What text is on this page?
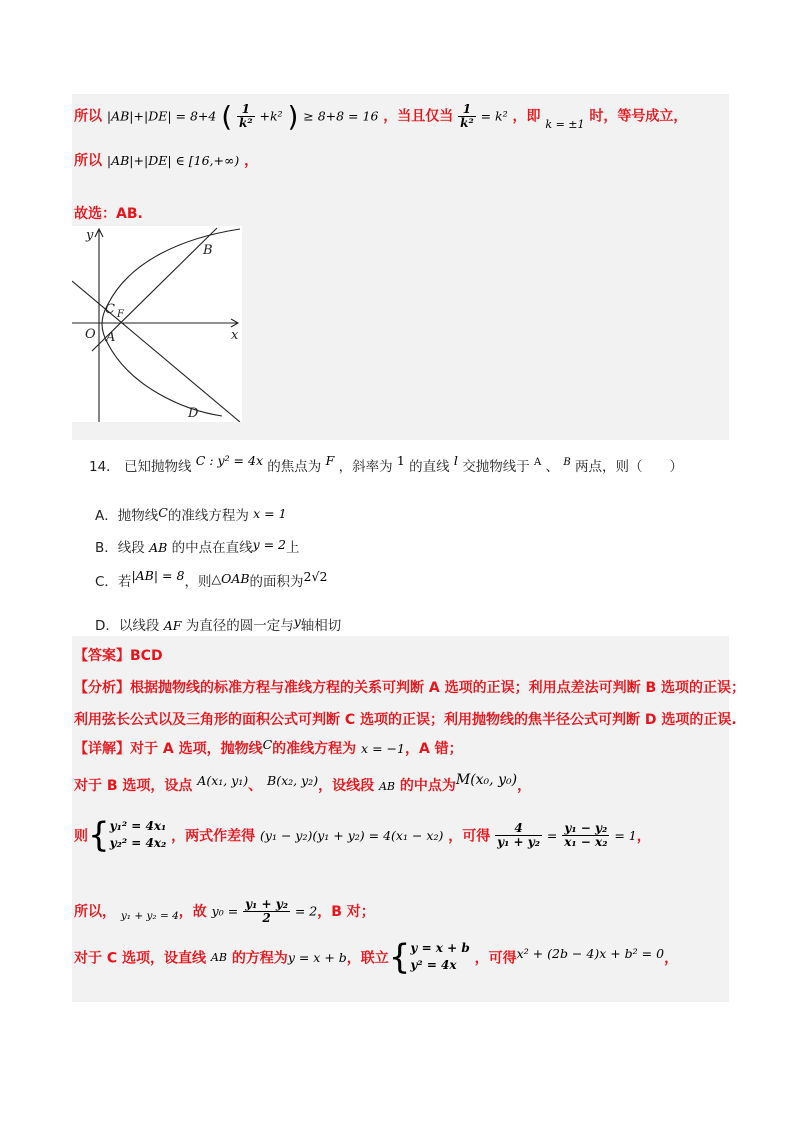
所以 |AB|+|DE| = 8+4 ( $\frac{1}{\text{k²}} +k^2$ ) ≥ 8+8 = 16 ，当且仅当 $\frac{1}{\text{k²}} = k^2$ ，即 $_{k = \pm 1}$ 时，等号成立，
所以 |AB|+|DE| ∈ [16,+∞) ，
故选：AB.
y
x
O A
B
C
D
F
14． 已知抛物线 C : y² = 4x 的焦点为 F ，斜率为 1 的直线 l 交抛物线于 $^A$ 、 $^B$ 两点，则（　　）
A．抛物线C的准线方程为 x = 1
B．线段 AB 的中点在直线y = 2上
C．若|AB| = 8，则△OAB的面积为2√2
D．以线段 AF 为直径的圆一定与y轴相切
【答案】BCD
【分析】根据抛物线的标准方程与准线方程的关系可判断 A 选项的正误；利用点差法可判断 B 选项的正误；
利用弦长公式以及三角形的面积公式可判断 C 选项的正误；利用抛物线的焦半径公式可判断 D 选项的正误.
【详解】对于 A 选项，抛物线C的准线方程为 x = −1，A 错；
对于 B 选项，设点 A(x₁, y₁)、 B(x₂, y₂)，设线段 AB 的中点为M(x₀, y₀)，
则{ y₁² = 4x₁
y₂² = 4x₂ ，两式作差得 (y₁ − y₂)(y₁ + y₂) = 4(x₁ − x₂) ，可得 $\frac{4}{\text{y₁ + y₂}} = \frac{\text{y₁ − y₂}}{\text{x₁ − x₂}} = 1$，
所以， $_{y_1 + y_2 = 4}$，故 $y_0 = \frac{\text{y₁ + y₂}}{2} = 2$，B 对；
对于 C 选项，设直线 AB 的方程为y = x + b，联立{ y = x + b
y² = 4x	，可得x² + (2b − 4)x + b² = 0，
